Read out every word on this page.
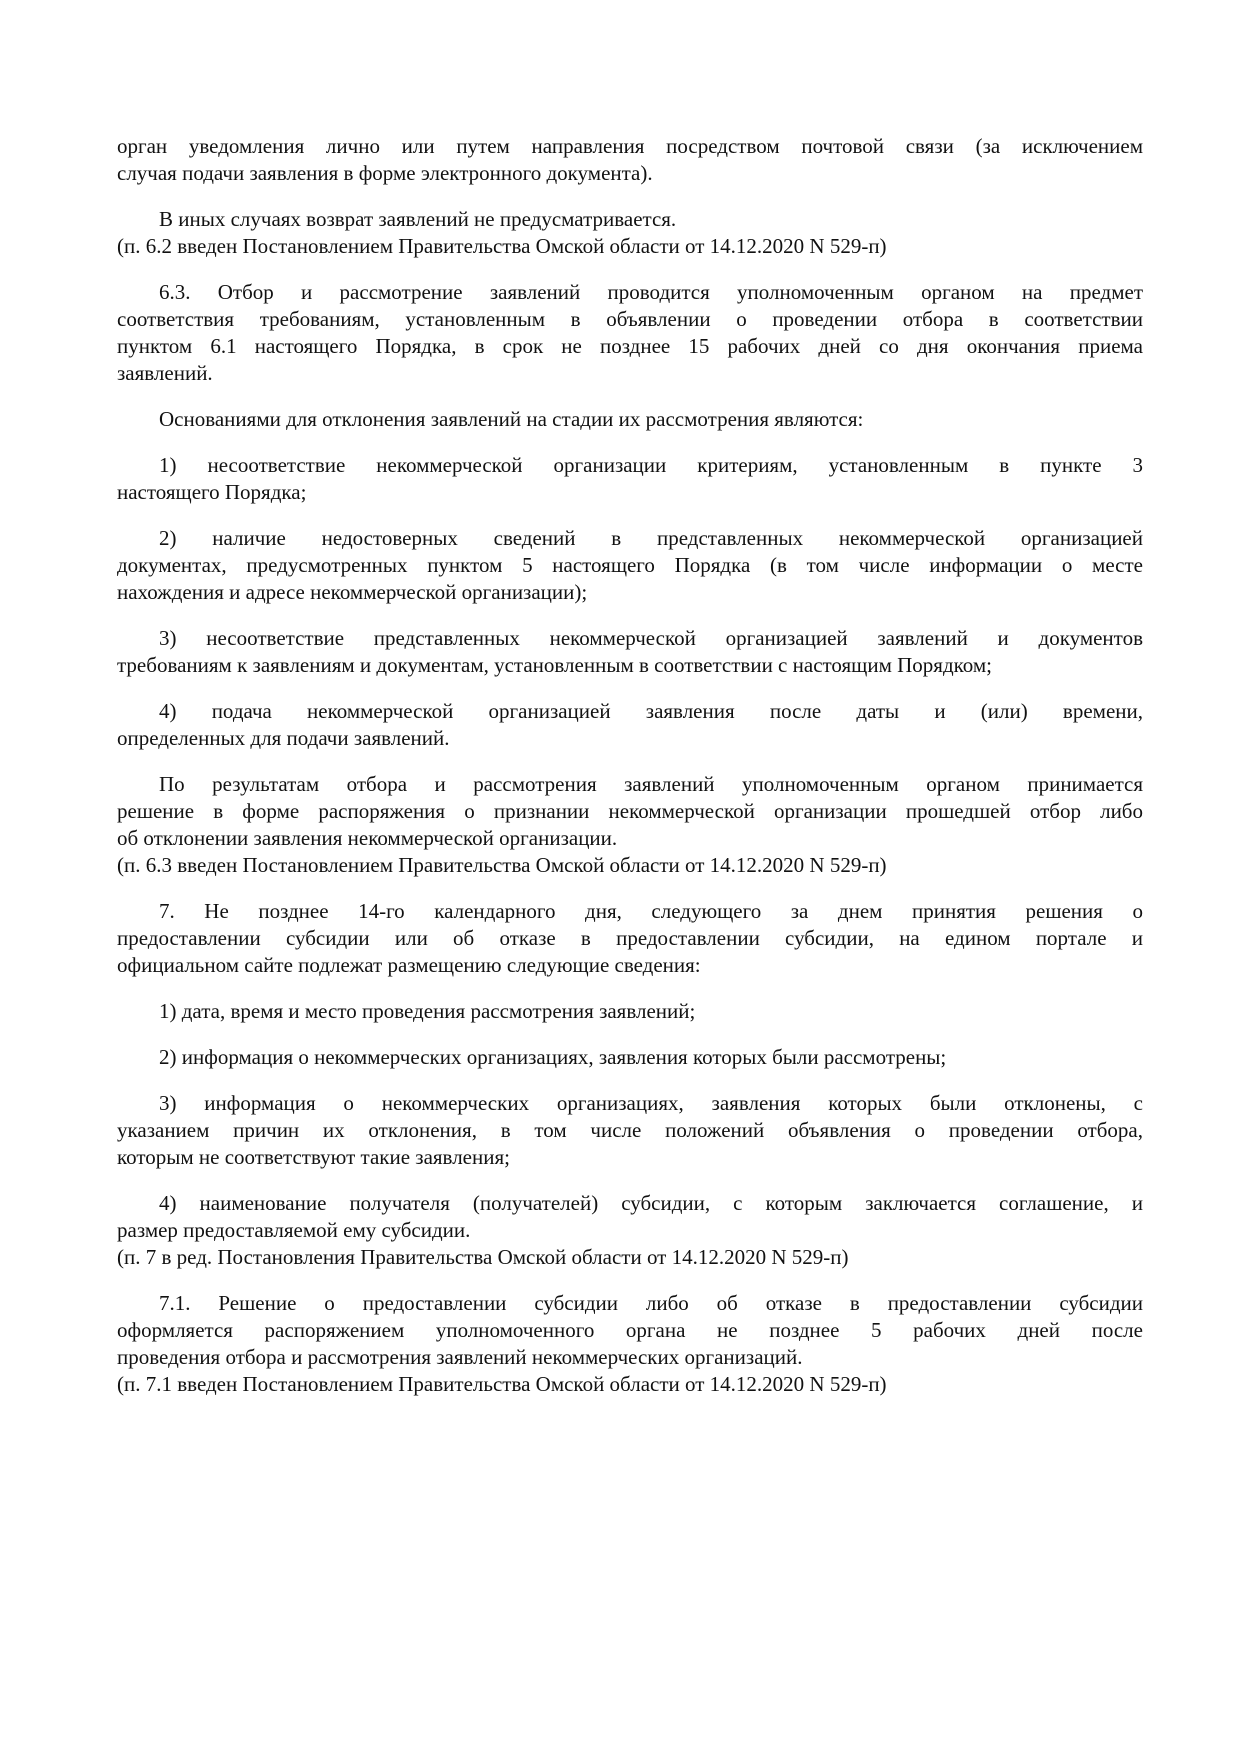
орган уведомления лично или путем направления посредством почтовой связи (за исключением
случая подачи заявления в форме электронного документа).
В иных случаях возврат заявлений не предусматривается.
(п. 6.2 введен Постановлением Правительства Омской области от 14.12.2020 N 529-п)
6.3. Отбор и рассмотрение заявлений проводится уполномоченным органом на предмет
соответствия требованиям, установленным в объявлении о проведении отбора в соответствии
пунктом 6.1 настоящего Порядка, в срок не позднее 15 рабочих дней со дня окончания приема
заявлений.
Основаниями для отклонения заявлений на стадии их рассмотрения являются:
1) несоответствие некоммерческой организации критериям, установленным в пункте 3
настоящего Порядка;
2) наличие недостоверных сведений в представленных некоммерческой организацией
документах, предусмотренных пунктом 5 настоящего Порядка (в том числе информации о месте
нахождения и адресе некоммерческой организации);
3) несоответствие представленных некоммерческой организацией заявлений и документов
требованиям к заявлениям и документам, установленным в соответствии с настоящим Порядком;
4) подача некоммерческой организацией заявления после даты и (или) времени,
определенных для подачи заявлений.
По результатам отбора и рассмотрения заявлений уполномоченным органом принимается
решение в форме распоряжения о признании некоммерческой организации прошедшей отбор либо
об отклонении заявления некоммерческой организации.
(п. 6.3 введен Постановлением Правительства Омской области от 14.12.2020 N 529-п)
7. Не позднее 14-го календарного дня, следующего за днем принятия решения о
предоставлении субсидии или об отказе в предоставлении субсидии, на едином портале и
официальном сайте подлежат размещению следующие сведения:
1) дата, время и место проведения рассмотрения заявлений;
2) информация о некоммерческих организациях, заявления которых были рассмотрены;
3) информация о некоммерческих организациях, заявления которых были отклонены, с
указанием причин их отклонения, в том числе положений объявления о проведении отбора,
которым не соответствуют такие заявления;
4) наименование получателя (получателей) субсидии, с которым заключается соглашение, и
размер предоставляемой ему субсидии.
(п. 7 в ред. Постановления Правительства Омской области от 14.12.2020 N 529-п)
7.1. Решение о предоставлении субсидии либо об отказе в предоставлении субсидии
оформляется распоряжением уполномоченного органа не позднее 5 рабочих дней после
проведения отбора и рассмотрения заявлений некоммерческих организаций.
(п. 7.1 введен Постановлением Правительства Омской области от 14.12.2020 N 529-п)
